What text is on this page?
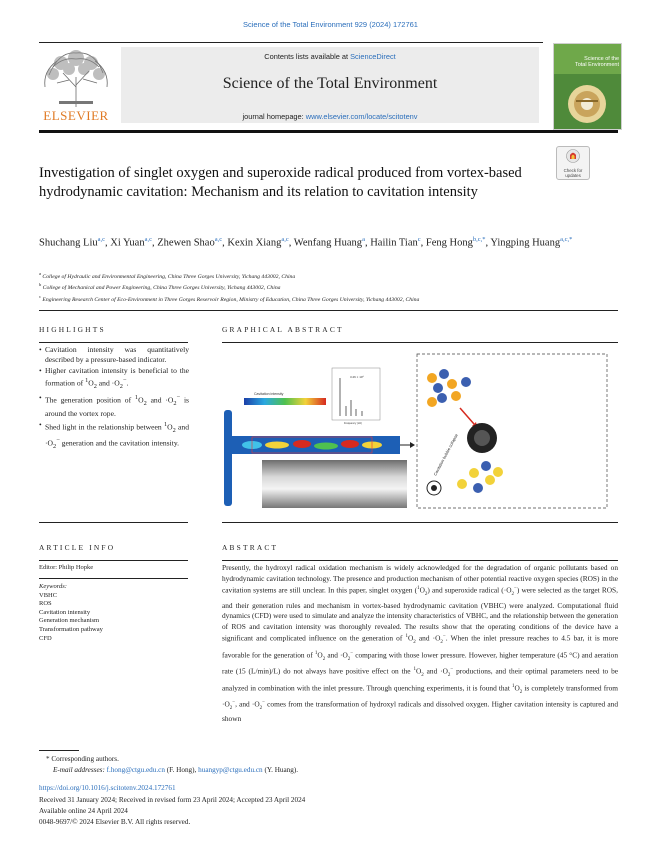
Science of the Total Environment 929 (2024) 172761
ELSEVIER
Contents lists available at ScienceDirect
Science of the Total Environment
journal homepage: www.elsevier.com/locate/scitotenv
Science of the
Total Environment
Check for
updates
Investigation of singlet oxygen and superoxide radical produced from vortex-based hydrodynamic cavitation: Mechanism and its relation to cavitation intensity
Shuchang Liu$^{a,c}$, Xi Yuan$^{a,c}$, Zhewen Shao$^{a,c}$, Kexin Xiang$^{a,c}$, Wenfang Huang$^a$, Hailin Tian$^c$, Feng Hong$^{b,c,*}$, Yingping Huang$^{a,c,*}$
$^a$ College of Hydraulic and Environmental Engineering, China Three Gorges University, Yichang 443002, China
$^b$ College of Mechanical and Power Engineering, China Three Gorges University, Yichang 443002, China
$^c$ Engineering Research Center of Eco-Environment in Three Gorges Reservoir Region, Ministry of Education, China Three Gorges University, Yichang 443002, China
HIGHLIGHTS
• Cavitation intensity was quantitatively described by a pressure-based indicator.
• Higher cavitation intensity is beneficial to the formation of $^1O_2$ and $\cdot O_2^-$.
• The generation position of $^1O_2$ and $\cdot O_2^-$ is around the vortex rope.
• Shed light in the relationship between $^1O_2$ and $\cdot O_2^-$ generation and the cavitation intensity.
GRAPHICAL ABSTRACT
Cavitation intensity
3.26 × 10⁶
Frequency (Hz)
Cavitation bubble collapse
ARTICLE INFO
Editor: Philip Hopke
Keywords:
VBHC
ROS
Cavitation intensity
Generation mechanism
Transformation pathway
CFD
ABSTRACT
Presently, the hydroxyl radical oxidation mechanism is widely acknowledged for the degradation of organic pollutants based on hydrodynamic cavitation technology. The presence and production mechanism of other potential reactive oxygen species (ROS) in the cavitation systems are still unclear. In this paper, singlet oxygen $(^1O_2)$ and superoxide radical $(\cdot O_2^-)$ were selected as the target ROS, and their generation rules and mechanism in vortex-based hydrodynamic cavitation (VBHC) were analyzed. Computational fluid dynamics (CFD) were used to simulate and analyze the intensity characteristics of VBHC, and the relationship between the generation of ROS and cavitation intensity was thoroughly revealed. The results show that the operating conditions of the device have a significant and complicated influence on the generation of $^1O_2$ and $\cdot O_2^-$. When the inlet pressure reaches to 4.5 bar, it is more favorable for the generation of $^1O_2$ and $\cdot O_2^-$ comparing with those lower pressure. However, higher temperature (45 °C) and aeration rate (15 (L/min)/L) do not always have positive effect on the $^1O_2$ and $\cdot O_2^-$ productions, and their optimal parameters need to be analyzed in combination with the inlet pressure. Through quenching experiments, it is found that $^1O_2$ is completely transformed from $\cdot O_2^-$, and $\cdot O_2^-$ comes from the transformation of hydroxyl radicals and dissolved oxygen. Higher cavitation intensity is captured and shown
* Corresponding authors.
E-mail addresses: f.hong@ctgu.edu.cn (F. Hong), huangyp@ctgu.edu.cn (Y. Huang).
https://doi.org/10.1016/j.scitotenv.2024.172761
Received 31 January 2024; Received in revised form 23 April 2024; Accepted 23 April 2024
Available online 24 April 2024
0048-9697/© 2024 Elsevier B.V. All rights reserved.
